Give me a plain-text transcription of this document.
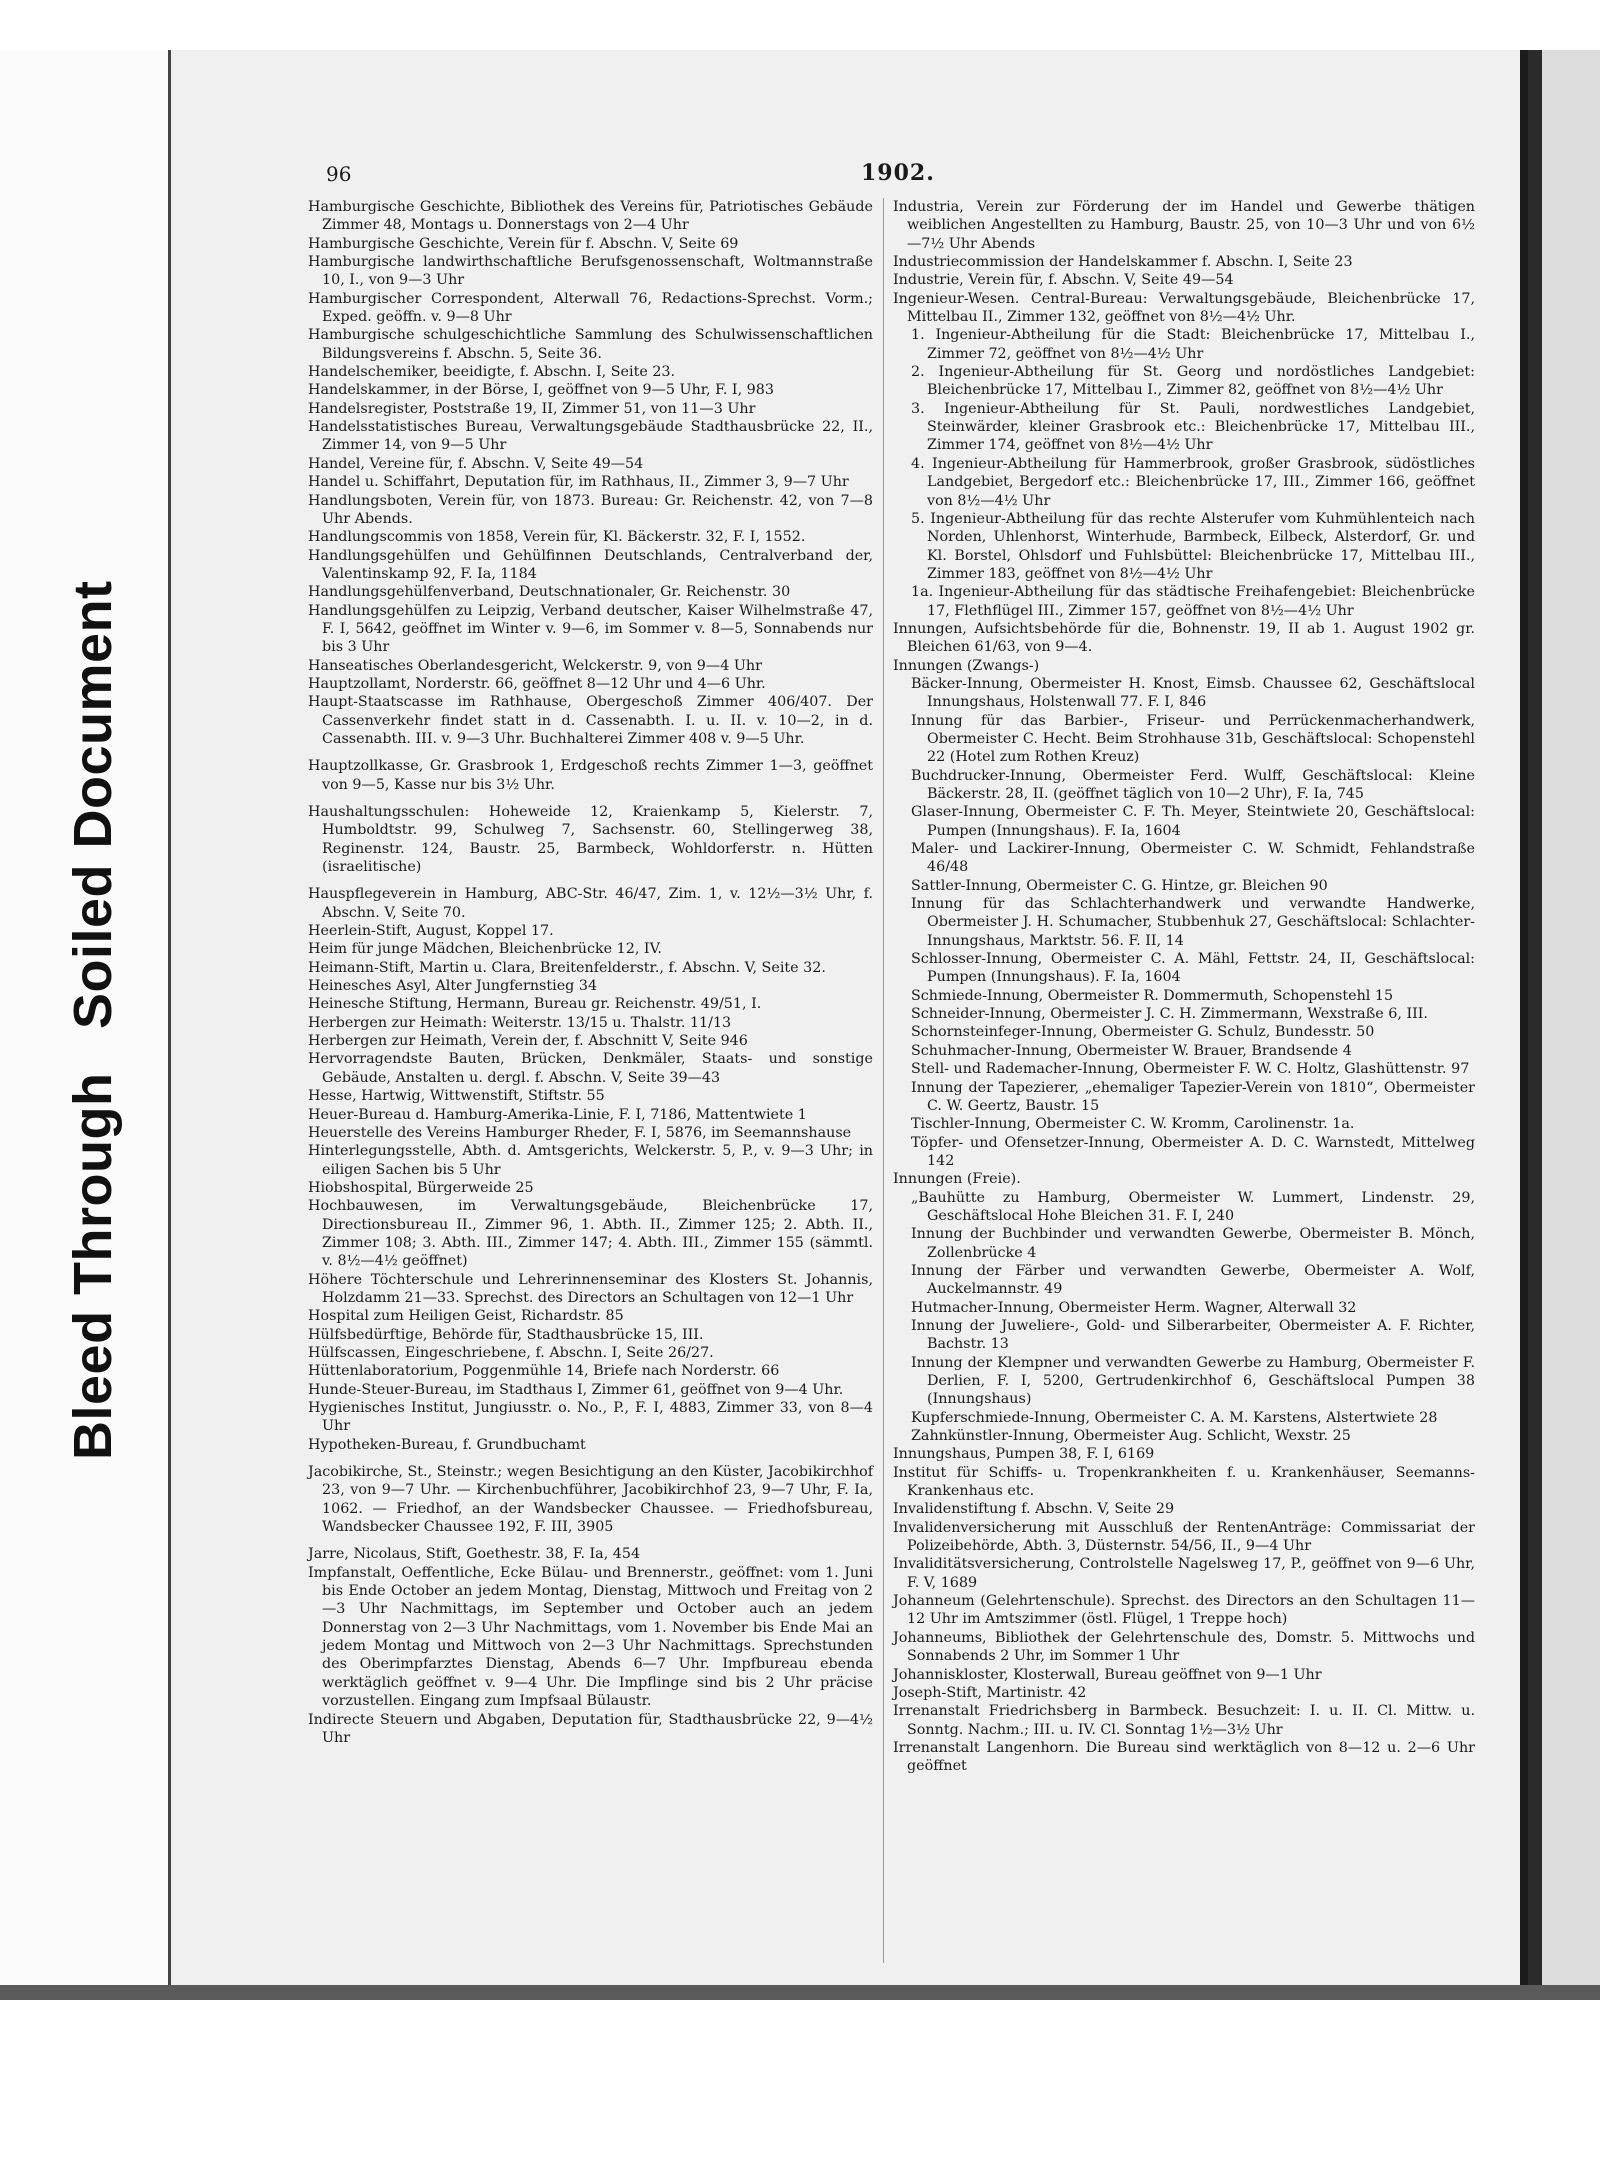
Bleed Through Soiled Document
96	1902.

Hamburgische Geschichte, Bibliothek des Vereins für, Patriotisches Gebäude Zimmer 48, Montags u. Donnerstags von 2—4 Uhr

Hamburgische Geschichte, Verein für f. Abschn. V, Seite 69

Hamburgische landwirthschaftliche Berufsgenossenschaft, Woltmannstraße 10, I., von 9—3 Uhr

Hamburgischer Correspondent, Alterwall 76, Redactions-Sprechst. Vorm.; Exped. geöffn. v. 9—8 Uhr

Hamburgische schulgeschichtliche Sammlung des Schulwissenschaftlichen Bildungsvereins f. Abschn. 5, Seite 36.

Handelschemiker, beeidigte, f. Abschn. I, Seite 23.

Handelskammer, in der Börse, I, geöffnet von 9—5 Uhr, F. I, 983

Handelsregister, Poststraße 19, II, Zimmer 51, von 11—3 Uhr

Handelsstatistisches Bureau, Verwaltungsgebäude Stadthausbrücke 22, II., Zimmer 14, von 9—5 Uhr

Handel, Vereine für, f. Abschn. V, Seite 49—54

Handel u. Schiffahrt, Deputation für, im Rathhaus, II., Zimmer 3, 9—7 Uhr

Handlungsboten, Verein für, von 1873. Bureau: Gr. Reichenstr. 42, von 7—8 Uhr Abends.

Handlungscommis von 1858, Verein für, Kl. Bäckerstr. 32, F. I, 1552.

Handlungsgehülfen und Gehülfinnen Deutschlands, Centralverband der, Valentinskamp 92, F. Ia, 1184

Handlungsgehülfenverband, Deutschnationaler, Gr. Reichenstr. 30

Handlungsgehülfen zu Leipzig, Verband deutscher, Kaiser Wilhelmstraße 47, F. I, 5642, geöffnet im Winter v. 9—6, im Sommer v. 8—5, Sonnabends nur bis 3 Uhr

Hanseatisches Oberlandesgericht, Welckerstr. 9, von 9—4 Uhr

Hauptzollamt, Norderstr. 66, geöffnet 8—12 Uhr und 4—6 Uhr.

Haupt-Staatscasse im Rathhause, Obergeschoß Zimmer 406/407. Der Cassenverkehr findet statt in d. Cassenabth. I. u. II. v. 10—2, in d. Cassenabth. III. v. 9—3 Uhr. Buchhalterei Zimmer 408 v. 9—5 Uhr.

Hauptzollkasse, Gr. Grasbrook 1, Erdgeschoß rechts Zimmer 1—3, geöffnet von 9—5, Kasse nur bis 3½ Uhr.

Haushaltungsschulen: Hoheweide 12, Kraienkamp 5, Kielerstr. 7, Humboldtstr. 99, Schulweg 7, Sachsenstr. 60, Stellingerweg 38, Reginenstr. 124, Baustr. 25, Barmbeck, Wohldorferstr. n. Hütten (israelitische)

Hauspflegeverein in Hamburg, ABC-Str. 46/47, Zim. 1, v. 12½—3½ Uhr, f. Abschn. V, Seite 70.

Heerlein-Stift, August, Koppel 17.

Heim für junge Mädchen, Bleichenbrücke 12, IV.

Heimann-Stift, Martin u. Clara, Breitenfelderstr., f. Abschn. V, Seite 32.

Heinesches Asyl, Alter Jungfernstieg 34

Heinesche Stiftung, Hermann, Bureau gr. Reichenstr. 49/51, I.

Herbergen zur Heimath: Weiterstr. 13/15 u. Thalstr. 11/13

Herbergen zur Heimath, Verein der, f. Abschnitt V, Seite 946

Hervorragendste Bauten, Brücken, Denkmäler, Staats- und sonstige Gebäude, Anstalten u. dergl. f. Abschn. V, Seite 39—43

Hesse, Hartwig, Wittwenstift, Stiftstr. 55

Heuer-Bureau d. Hamburg-Amerika-Linie, F. I, 7186, Mattentwiete 1

Heuerstelle des Vereins Hamburger Rheder, F. I, 5876, im Seemannshause

Hinterlegungsstelle, Abth. d. Amtsgerichts, Welckerstr. 5, P., v. 9—3 Uhr; in eiligen Sachen bis 5 Uhr

Hiobshospital, Bürgerweide 25

Hochbauwesen, im Verwaltungsgebäude, Bleichenbrücke 17, Directionsbureau II., Zimmer 96, 1. Abth. II., Zimmer 125; 2. Abth. II., Zimmer 108; 3. Abth. III., Zimmer 147; 4. Abth. III., Zimmer 155 (sämmtl. v. 8½—4½ geöffnet)

Höhere Töchterschule und Lehrerinnenseminar des Klosters St. Johannis, Holzdamm 21—33. Sprechst. des Directors an Schultagen von 12—1 Uhr

Hospital zum Heiligen Geist, Richardstr. 85

Hülfsbedürftige, Behörde für, Stadthausbrücke 15, III.

Hülfscassen, Eingeschriebene, f. Abschn. I, Seite 26/27.

Hüttenlaboratorium, Poggenmühle 14, Briefe nach Norderstr. 66

Hunde-Steuer-Bureau, im Stadthaus I, Zimmer 61, geöffnet von 9—4 Uhr.

Hygienisches Institut, Jungiusstr. o. No., P., F. I, 4883, Zimmer 33, von 8—4 Uhr

Hypotheken-Bureau, f. Grundbuchamt

Jacobikirche, St., Steinstr.; wegen Besichtigung an den Küster, Jacobikirchhof 23, von 9—7 Uhr. — Kirchenbuchführer, Jacobikirchhof 23, 9—7 Uhr, F. Ia, 1062. — Friedhof, an der Wandsbecker Chaussee. — Friedhofsbureau, Wandsbecker Chaussee 192, F. III, 3905

Jarre, Nicolaus, Stift, Goethestr. 38, F. Ia, 454

Impfanstalt, Oeffentliche, Ecke Bülau- und Brennerstr., geöffnet: vom 1. Juni bis Ende October an jedem Montag, Dienstag, Mittwoch und Freitag von 2—3 Uhr Nachmittags, im September und October auch an jedem Donnerstag von 2—3 Uhr Nachmittags, vom 1. November bis Ende Mai an jedem Montag und Mittwoch von 2—3 Uhr Nachmittags. Sprechstunden des Oberimpfarztes Dienstag, Abends 6—7 Uhr. Impfbureau ebenda werktäglich geöffnet v. 9—4 Uhr. Die Impflinge sind bis 2 Uhr präcise vorzustellen. Eingang zum Impfsaal Bülaustr.

Indirecte Steuern und Abgaben, Deputation für, Stadthausbrücke 22, 9—4½ Uhr

Industria, Verein zur Förderung der im Handel und Gewerbe thätigen weiblichen Angestellten zu Hamburg, Baustr. 25, von 10—3 Uhr und von 6½—7½ Uhr Abends

Industriecommission der Handelskammer f. Abschn. I, Seite 23

Industrie, Verein für, f. Abschn. V, Seite 49—54

Ingenieur-Wesen. Central-Bureau: Verwaltungsgebäude, Bleichenbrücke 17, Mittelbau II., Zimmer 132, geöffnet von 8½—4½ Uhr.

1. Ingenieur-Abtheilung für die Stadt: Bleichenbrücke 17, Mittelbau I., Zimmer 72, geöffnet von 8½—4½ Uhr

2. Ingenieur-Abtheilung für St. Georg und nordöstliches Landgebiet: Bleichenbrücke 17, Mittelbau I., Zimmer 82, geöffnet von 8½—4½ Uhr

3. Ingenieur-Abtheilung für St. Pauli, nordwestliches Landgebiet, Steinwärder, kleiner Grasbrook etc.: Bleichenbrücke 17, Mittelbau III., Zimmer 174, geöffnet von 8½—4½ Uhr

4. Ingenieur-Abtheilung für Hammerbrook, großer Grasbrook, südöstliches Landgebiet, Bergedorf etc.: Bleichenbrücke 17, III., Zimmer 166, geöffnet von 8½—4½ Uhr

5. Ingenieur-Abtheilung für das rechte Alsterufer vom Kuhmühlenteich nach Norden, Uhlenhorst, Winterhude, Barmbeck, Eilbeck, Alsterdorf, Gr. und Kl. Borstel, Ohlsdorf und Fuhlsbüttel: Bleichenbrücke 17, Mittelbau III., Zimmer 183, geöffnet von 8½—4½ Uhr

1a. Ingenieur-Abtheilung für das städtische Freihafengebiet: Bleichenbrücke 17, Flethflügel III., Zimmer 157, geöffnet von 8½—4½ Uhr

Innungen, Aufsichtsbehörde für die, Bohnenstr. 19, II ab 1. August 1902 gr. Bleichen 61/63, von 9—4.

Innungen (Zwangs-)

Bäcker-Innung, Obermeister H. Knost, Eimsb. Chaussee 62, Geschäftslocal Innungshaus, Holstenwall 77. F. I, 846

Innung für das Barbier-, Friseur- und Perrückenmacherhandwerk, Obermeister C. Hecht. Beim Strohhause 31b, Geschäftslocal: Schopenstehl 22 (Hotel zum Rothen Kreuz)

Buchdrucker-Innung, Obermeister Ferd. Wulff, Geschäftslocal: Kleine Bäckerstr. 28, II. (geöffnet täglich von 10—2 Uhr), F. Ia, 745

Glaser-Innung, Obermeister C. F. Th. Meyer, Steintwiete 20, Geschäftslocal: Pumpen (Innungshaus). F. Ia, 1604

Maler- und Lackirer-Innung, Obermeister C. W. Schmidt, Fehlandstraße 46/48

Sattler-Innung, Obermeister C. G. Hintze, gr. Bleichen 90

Innung für das Schlachterhandwerk und verwandte Handwerke, Obermeister J. H. Schumacher, Stubbenhuk 27, Geschäftslocal: Schlachter-Innungshaus, Marktstr. 56. F. II, 14

Schlosser-Innung, Obermeister C. A. Mähl, Fettstr. 24, II, Geschäftslocal: Pumpen (Innungshaus). F. Ia, 1604

Schmiede-Innung, Obermeister R. Dommermuth, Schopenstehl 15

Schneider-Innung, Obermeister J. C. H. Zimmermann, Wexstraße 6, III.

Schornsteinfeger-Innung, Obermeister G. Schulz, Bundesstr. 50

Schuhmacher-Innung, Obermeister W. Brauer, Brandsende 4

Stell- und Rademacher-Innung, Obermeister F. W. C. Holtz, Glashüttenstr. 97

Innung der Tapezierer, „ehemaliger Tapezier-Verein von 1810“, Obermeister C. W. Geertz, Baustr. 15

Tischler-Innung, Obermeister C. W. Kromm, Carolinenstr. 1a.

Töpfer- und Ofensetzer-Innung, Obermeister A. D. C. Warnstedt, Mittelweg 142

Innungen (Freie).

„Bauhütte zu Hamburg, Obermeister W. Lummert, Lindenstr. 29, Geschäftslocal Hohe Bleichen 31. F. I, 240

Innung der Buchbinder und verwandten Gewerbe, Obermeister B. Mönch, Zollenbrücke 4

Innung der Färber und verwandten Gewerbe, Obermeister A. Wolf, Auckelmannstr. 49

Hutmacher-Innung, Obermeister Herm. Wagner, Alterwall 32

Innung der Juweliere-, Gold- und Silberarbeiter, Obermeister A. F. Richter, Bachstr. 13

Innung der Klempner und verwandten Gewerbe zu Hamburg, Obermeister F. Derlien, F. I, 5200, Gertrudenkirchhof 6, Geschäftslocal Pumpen 38 (Innungshaus)

Kupferschmiede-Innung, Obermeister C. A. M. Karstens, Alstertwiete 28

Zahnkünstler-Innung, Obermeister Aug. Schlicht, Wexstr. 25

Innungshaus, Pumpen 38, F. I, 6169

Institut für Schiffs- u. Tropenkrankheiten f. u. Krankenhäuser, Seemanns-Krankenhaus etc.

Invalidenstiftung f. Abschn. V, Seite 29

Invalidenversicherung mit Ausschluß der RentenAnträge: Commissariat der Polizeibehörde, Abth. 3, Düsternstr. 54/56, II., 9—4 Uhr

Invaliditätsversicherung, Controlstelle Nagelsweg 17, P., geöffnet von 9—6 Uhr, F. V, 1689

Johanneum (Gelehrtenschule). Sprechst. des Directors an den Schultagen 11—12 Uhr im Amtszimmer (östl. Flügel, 1 Treppe hoch)

Johanneums, Bibliothek der Gelehrtenschule des, Domstr. 5. Mittwochs und Sonnabends 2 Uhr, im Sommer 1 Uhr

Johanniskloster, Klosterwall, Bureau geöffnet von 9—1 Uhr

Joseph-Stift, Martinistr. 42

Irrenanstalt Friedrichsberg in Barmbeck. Besuchzeit: I. u. II. Cl. Mittw. u. Sonntg. Nachm.; III. u. IV. Cl. Sonntag 1½—3½ Uhr

Irrenanstalt Langenhorn. Die Bureau sind werktäglich von 8—12 u. 2—6 Uhr geöffnet
